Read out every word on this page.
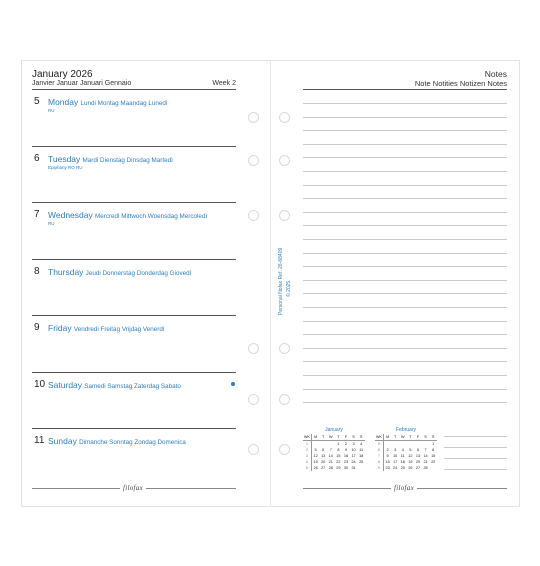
January 2026
Janvier Januar Januari Gennaio	Week 2
5 Monday Lundi Montag Maandag Lunedì
RU
6 Tuesday Mardi Dienstag Dinsdag Martedì
Epiphany RO RU
7 Wednesday Mercredi Mittwoch Woensdag Mercoledì
RU
8 Thursday Jeudi Donnerstag Donderdag Giovedì
9 Friday Vendredi Freitag Vrijdag Venerdì
10 Saturday Samedi Samstag Zaterdag Sabato
11 Sunday Dimanche Sonntag Zondag Domenica
filofax
Notes
Note Notities Notizen Notes
filofax
Personal filofax Ref. 26-68409 © 2025
January
WK	M	T	W	T	F	S	S
1				1	2	3	4
2	5	6	7	8	9	10	11
3	12	13	14	15	16	17	18
4	19	20	21	22	23	24	25
5	26	27	28	29	30	31	
February
WK	M	T	W	T	F	S	S
5							1
6	2	3	4	5	6	7	8
7	9	10	11	12	13	14	15
8	16	17	18	19	20	21	22
9	23	24	25	26	27	28	
